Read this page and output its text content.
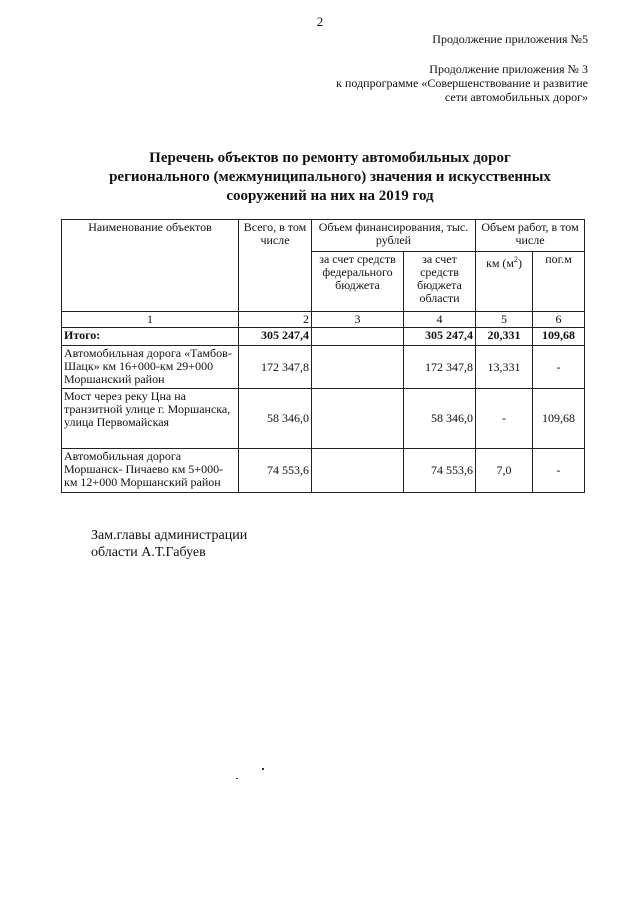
2
Продолжение приложения №5
Продолжение приложения № 3
к подпрограмме «Совершенствование и развитие
сети автомобильных дорог»
Перечень объектов по ремонту автомобильных дорог
регионального (межмуниципального) значения и искусственных
сооружений на них на 2019 год
Наименование объектов	Всего, в том числе	Объем финансирования, тыс. рублей		Объем работ, в том числе	
		за счет средств федерального бюджета	за счет средств бюджета области	км $(м^2)$	пог.м
1	2	3	4	5	6
Итого:	305 247,4		305 247,4	20,331	109,68
Автомобильная дорога «Тамбов- Шацк» км 16+000-км 29+000 Моршанский район	172 347,8		172 347,8	13,331	-
Мост через реку Цна на транзитной улице г. Моршанска, улица Первомайская	58 346,0		58 346,0	-	109,68
Автомобильная дорога Моршанск- Пичаево км 5+000-км 12+000 Моршанский район	74 553,6		74 553,6	7,0	-
Зам.главы администрации
области А.Т.Габуев
